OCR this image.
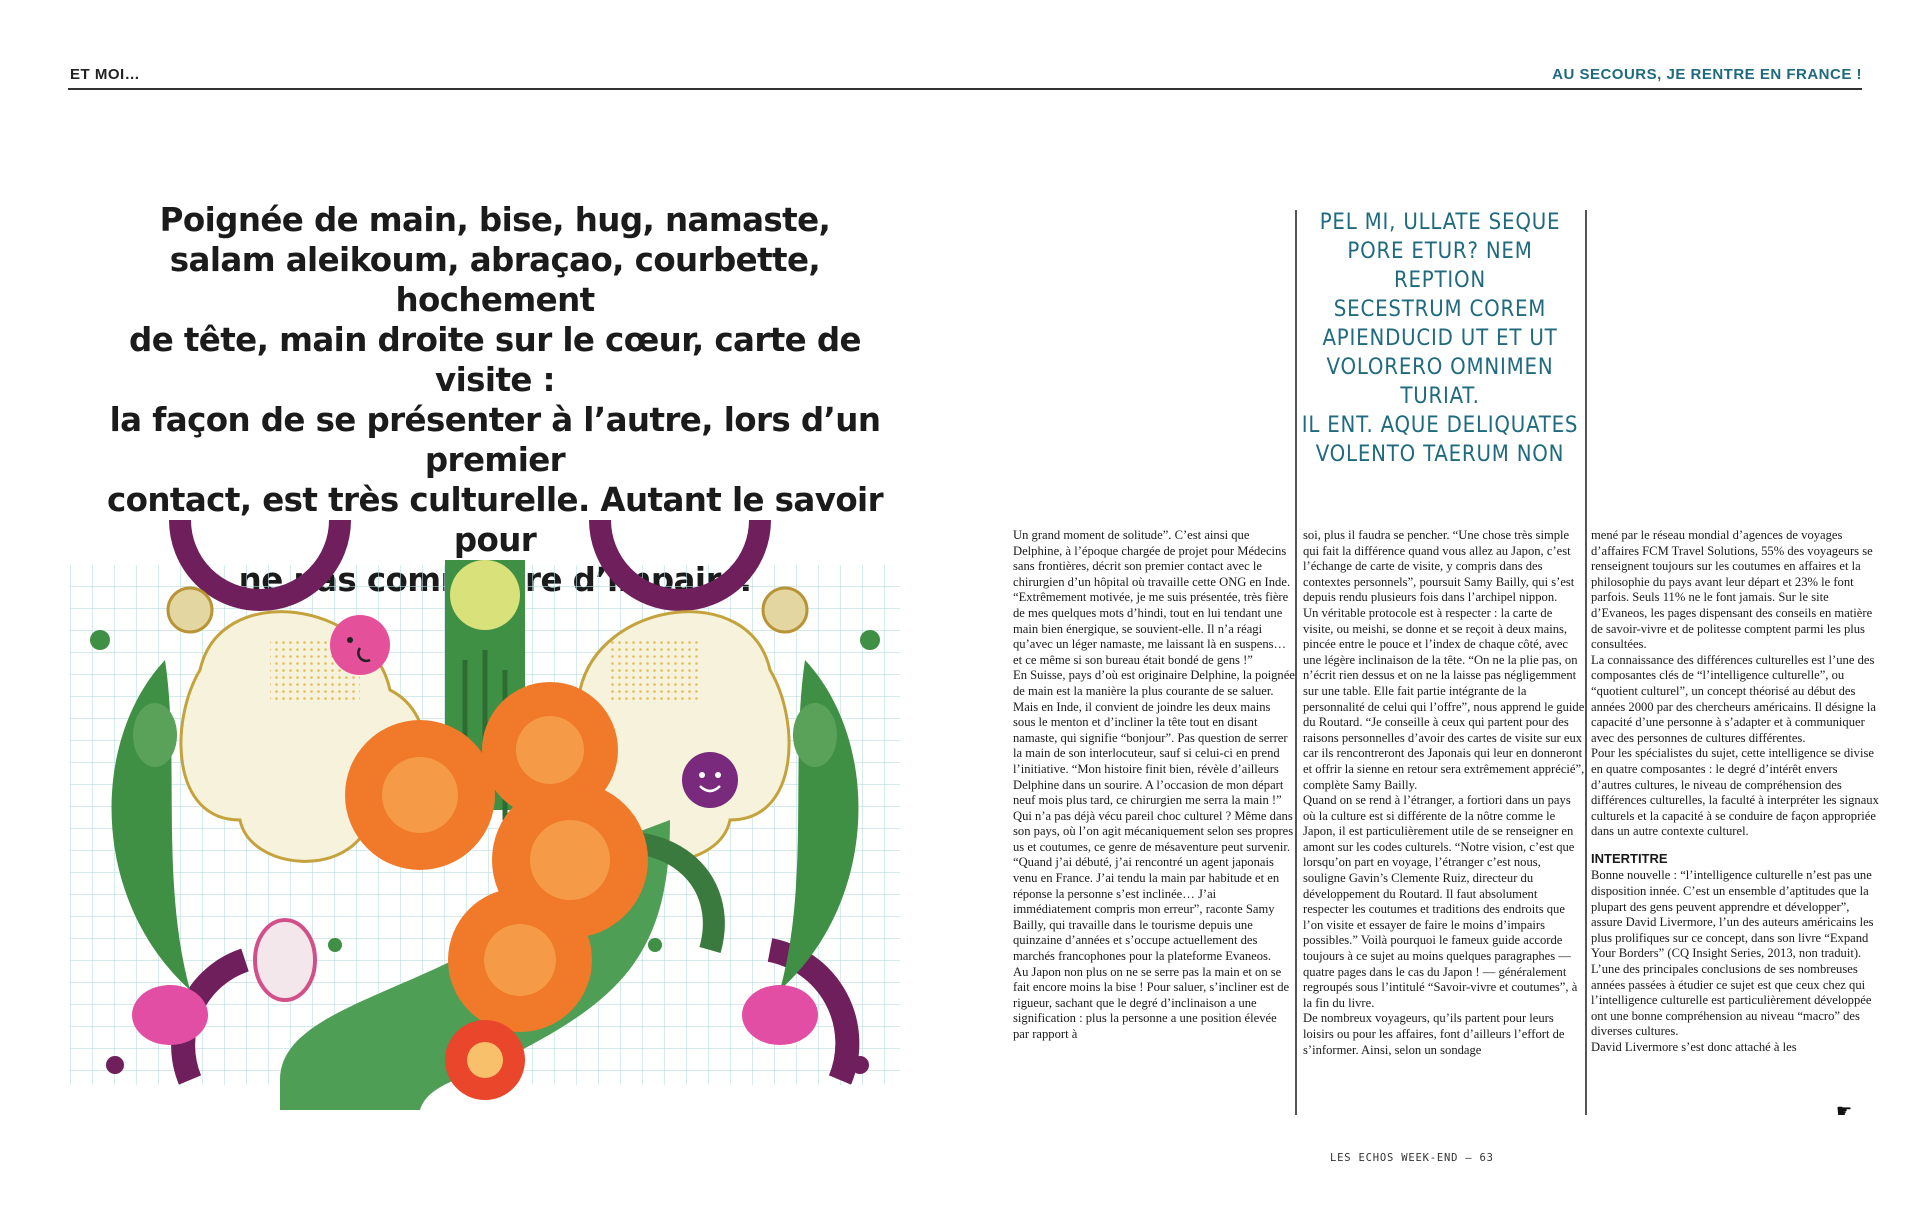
ET MOI…	AU SECOURS, JE RENTRE EN FRANCE !
Poignée de main, bise, hug, namaste,
salam aleikoum, abraçao, courbette, hochement
de tête, main droite sur le cœur, carte de visite :
la façon de se présenter à l’autre, lors d’un premier
contact, est très culturelle. Autant le savoir pour
PEL MI, ULLATE SEQUE
PORE ETUR? NEM REPTION
SECESTRUM COREM
APIENDUCID UT ET UT
VOLORERO OMNIMEN TURIAT.
IL ENT. AQUE DELIQUATES
VOLENTO TAERUM NON

Un grand moment de solitude”. C’est ainsi que Delphine, à l’époque chargée de projet pour Médecins sans frontières, décrit son premier contact avec le chirurgien d’un hôpital où travaille cette ONG en Inde. “Extrêmement motivée, je me suis présentée, très fière de mes quelques mots d’hindi, tout en lui tendant une main bien énergique, se souvient-elle. Il n’a réagi qu’avec un léger namaste, me laissant là en suspens… et ce même si son bureau était bondé de gens !”

En Suisse, pays d’où est originaire Delphine, la poignée de main est la manière la plus courante de se saluer. Mais en Inde, il convient de joindre les deux mains sous le menton et d’incliner la tête tout en disant namaste, qui signifie “bonjour”. Pas question de serrer la main de son interlocuteur, sauf si celui-ci en prend l’initiative. “Mon histoire finit bien, révèle d’ailleurs Delphine dans un sourire. A l’occasion de mon départ neuf mois plus tard, ce chirurgien me serra la main !”

Qui n’a pas déjà vécu pareil choc culturel ? Même dans son pays, où l’on agit mécaniquement selon ses propres us et coutumes, ce genre de mésaventure peut survenir. “Quand j’ai débuté, j’ai rencontré un agent japonais venu en France. J’ai tendu la main par habitude et en réponse la personne s’est inclinée… J’ai immédiatement compris mon erreur”, raconte Samy Bailly, qui travaille dans le tourisme depuis une quinzaine d’années et s’occupe actuellement des marchés francophones pour la plateforme Evaneos.

Au Japon non plus on ne se serre pas la main et on se fait encore moins la bise ! Pour saluer, s’incliner est de rigueur, sachant que le degré d’inclinaison a une signification : plus la personne a une position élevée par rapport à

soi, plus il faudra se pencher. “Une chose très simple qui fait la différence quand vous allez au Japon, c’est l’échange de carte de visite, y compris dans des contextes personnels”, poursuit Samy Bailly, qui s’est depuis rendu plusieurs fois dans l’archipel nippon.

Un véritable protocole est à respecter : la carte de visite, ou meishi, se donne et se reçoit à deux mains, pincée entre le pouce et l’index de chaque côté, avec une légère inclinaison de la tête. “On ne la plie pas, on n’écrit rien dessus et on ne la laisse pas négligemment sur une table. Elle fait partie intégrante de la personnalité de celui qui l’offre”, nous apprend le guide du Routard. “Je conseille à ceux qui partent pour des raisons personnelles d’avoir des cartes de visite sur eux car ils rencontreront des Japonais qui leur en donneront et offrir la sienne en retour sera extrêmement apprécié”, complète Samy Bailly.

Quand on se rend à l’étranger, a fortiori dans un pays où la culture est si différente de la nôtre comme le Japon, il est particulièrement utile de se renseigner en amont sur les codes culturels. “Notre vision, c’est que lorsqu’on part en voyage, l’étranger c’est nous, souligne Gavin’s Clemente Ruiz, directeur du développement du Routard. Il faut absolument respecter les coutumes et traditions des endroits que l’on visite et essayer de faire le moins d’impairs possibles.” Voilà pourquoi le fameux guide accorde toujours à ce sujet au moins quelques paragraphes — quatre pages dans le cas du Japon ! — généralement regroupés sous l’intitulé “Savoir-vivre et coutumes”, à la fin du livre.

De nombreux voyageurs, qu’ils partent pour leurs loisirs ou pour les affaires, font d’ailleurs l’effort de s’informer. Ainsi, selon un sondage

mené par le réseau mondial d’agences de voyages d’affaires FCM Travel Solutions, 55% des voyageurs se renseignent toujours sur les coutumes en affaires et la philosophie du pays avant leur départ et 23% le font parfois. Seuls 11% ne le font jamais. Sur le site d’Evaneos, les pages dispensant des conseils en matière de savoir-vivre et de politesse comptent parmi les plus consultées.

La connaissance des différences culturelles est l’une des composantes clés de “l’intelligence culturelle”, ou “quotient culturel”, un concept théorisé au début des années 2000 par des chercheurs américains. Il désigne la capacité d’une personne à s’adapter et à communiquer avec des personnes de cultures différentes.

Pour les spécialistes du sujet, cette intelligence se divise en quatre composantes : le degré d’intérêt envers d’autres cultures, le niveau de compréhension des différences culturelles, la faculté à interpréter les signaux culturels et la capacité à se conduire de façon appropriée dans un autre contexte culturel.

INTERTITRE

Bonne nouvelle : “l’intelligence culturelle n’est pas une disposition innée. C’est un ensemble d’aptitudes que la plupart des gens peuvent apprendre et développer”, assure David Livermore, l’un des auteurs américains les plus prolifiques sur ce concept, dans son livre “Expand Your Borders” (CQ Insight Series, 2013, non traduit). L’une des principales conclusions de ses nombreuses années passées à étudier ce sujet est que ceux chez qui l’intelligence culturelle est particulièrement développée ont une bonne compréhension au niveau “macro” des diverses cultures.

David Livermore s’est donc attaché à les

☛
LES ECHOS WEEK-END – 63
